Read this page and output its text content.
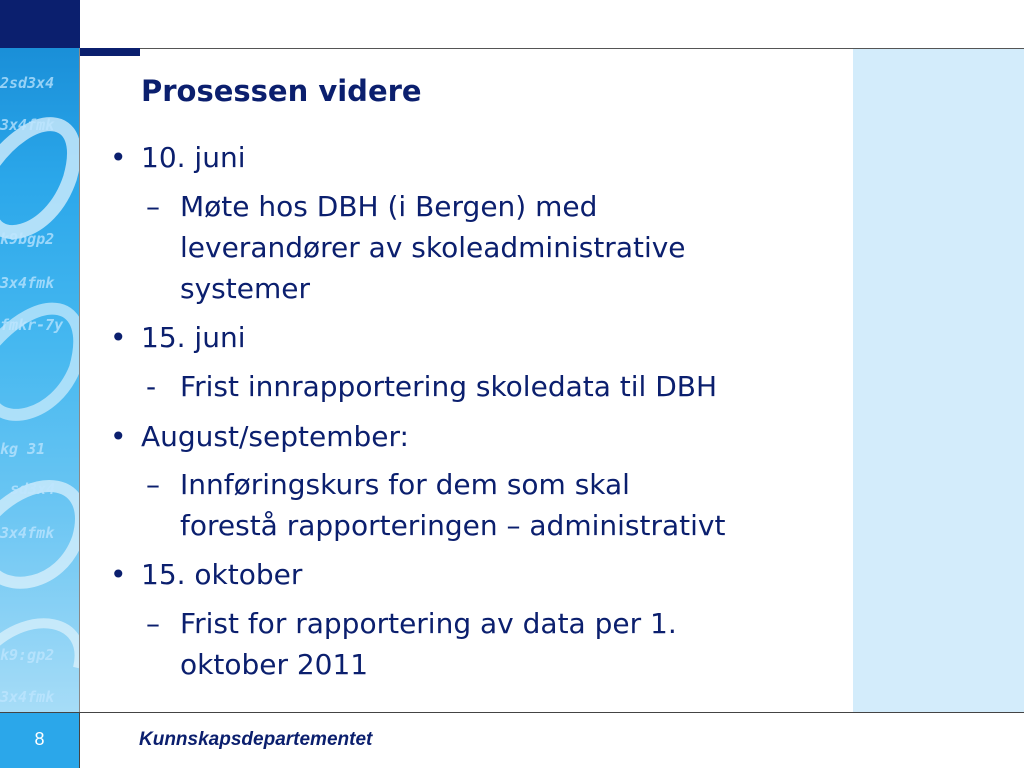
2sd3x4
3x4fmk
k9bgp2
3x4fmk
fmkr-7y
kg 31
sd3x4
3x4fmk
k9:gp2
3x4fmk
Prosessen videre
• 10. juni
– Møte hos DBH (i Bergen) med
leverandører av skoleadministrative
systemer
• 15. juni
- Frist innrapportering skoledata til DBH
• August/september:
– Innføringskurs for dem som skal
forestå rapporteringen – administrativt
• 15. oktober
– Frist for rapportering av data per 1.
oktober 2011
8	Kunnskapsdepartementet
